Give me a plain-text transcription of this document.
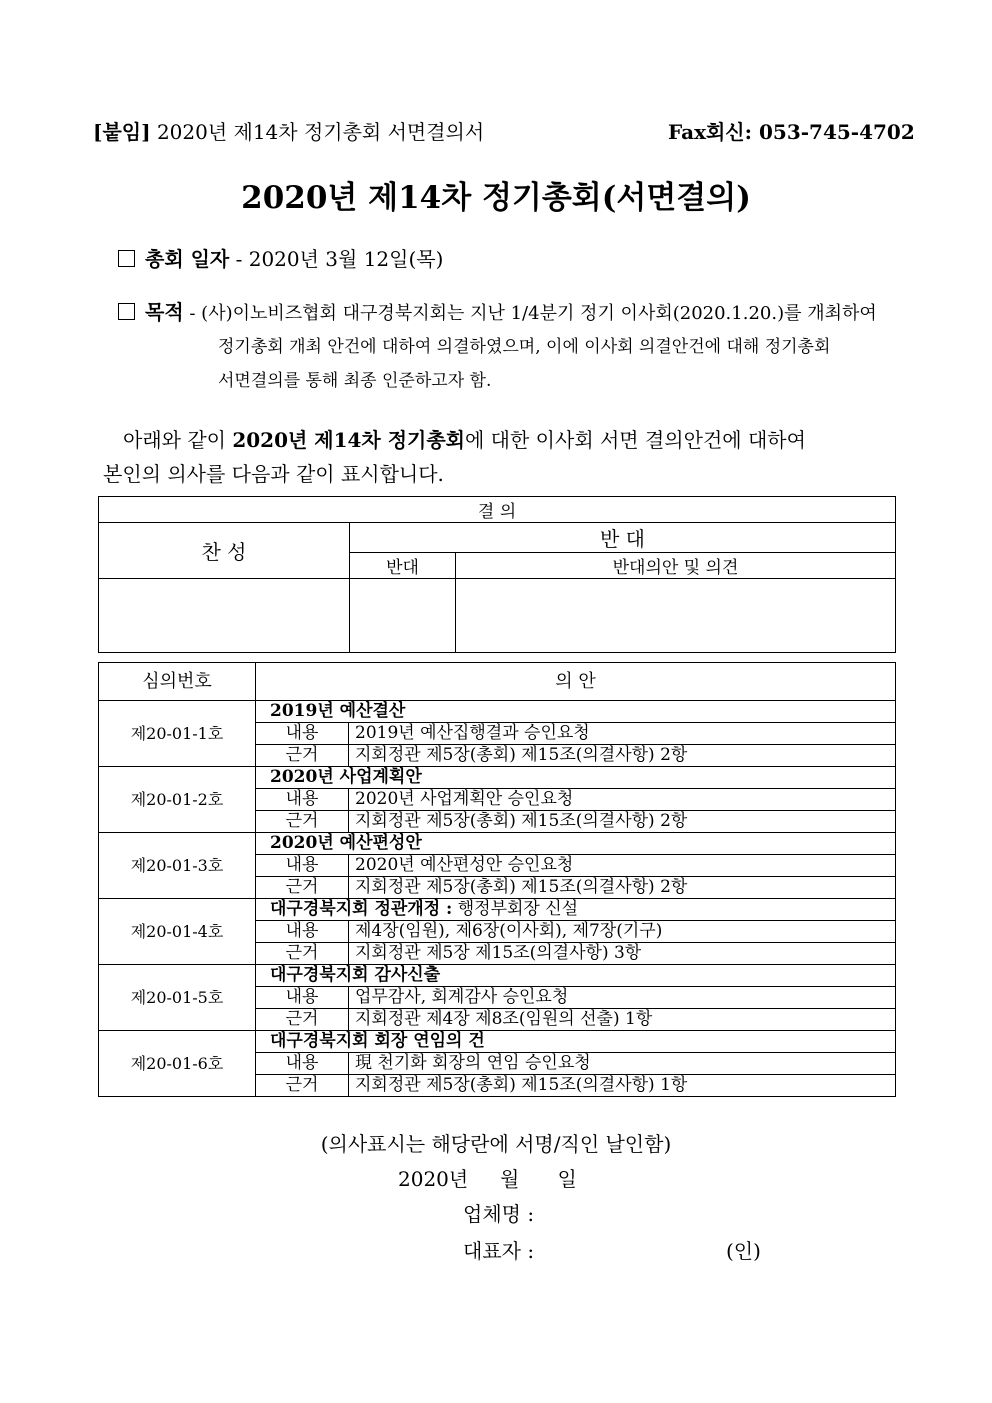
[붙임] 2020년 제14차 정기총회 서면결의서	Fax회신: 053-745-4702
2020년 제14차 정기총회(서면결의)
총회 일자 - 2020년 3월 12일(목)
목적 - (사)이노비즈협회 대구경북지회는 지난 1/4분기 정기 이사회(2020.1.20.)를 개최하여
정기총회 개최 안건에 대하여 의결하였으며, 이에 이사회 의결안건에 대해 정기총회
서면결의를 통해 최종 인준하고자 함.
아래와 같이 2020년 제14차 정기총회에 대한 이사회 서면 결의안건에 대하여
본인의 의사를 다음과 같이 표시합니다.
결 의		
찬 성	반 대	
	반대	반대의안 및 의견

심의번호	의 안	
제20-01-1호	2019년 예산결산	
	내용	2019년 예산집행결과 승인요청
	근거	지회정관 제5장(총회) 제15조(의결사항) 2항
제20-01-2호	2020년 사업계획안	
	내용	2020년 사업계획안 승인요청
	근거	지회정관 제5장(총회) 제15조(의결사항) 2항
제20-01-3호	2020년 예산편성안	
	내용	2020년 예산편성안 승인요청
	근거	지회정관 제5장(총회) 제15조(의결사항) 2항
제20-01-4호	대구경북지회 정관개정 : 행정부회장 신설	
	내용	제4장(임원), 제6장(이사회), 제7장(기구)
	근거	지회정관 제5장 제15조(의결사항) 3항
제20-01-5호	대구경북지회 감사신출	
	내용	업무감사, 회계감사 승인요청
	근거	지회정관 제4장 제8조(임원의 선출) 1항
제20-01-6호	대구경북지회 회장 연임의 건	
	내용	現 천기화 회장의 연임 승인요청
	근거	지회정관 제5장(총회) 제15조(의결사항) 1항
(의사표시는 해당란에 서명/직인 날인함)
2020년     월      일
업체명 :
대표자 :	(인)
